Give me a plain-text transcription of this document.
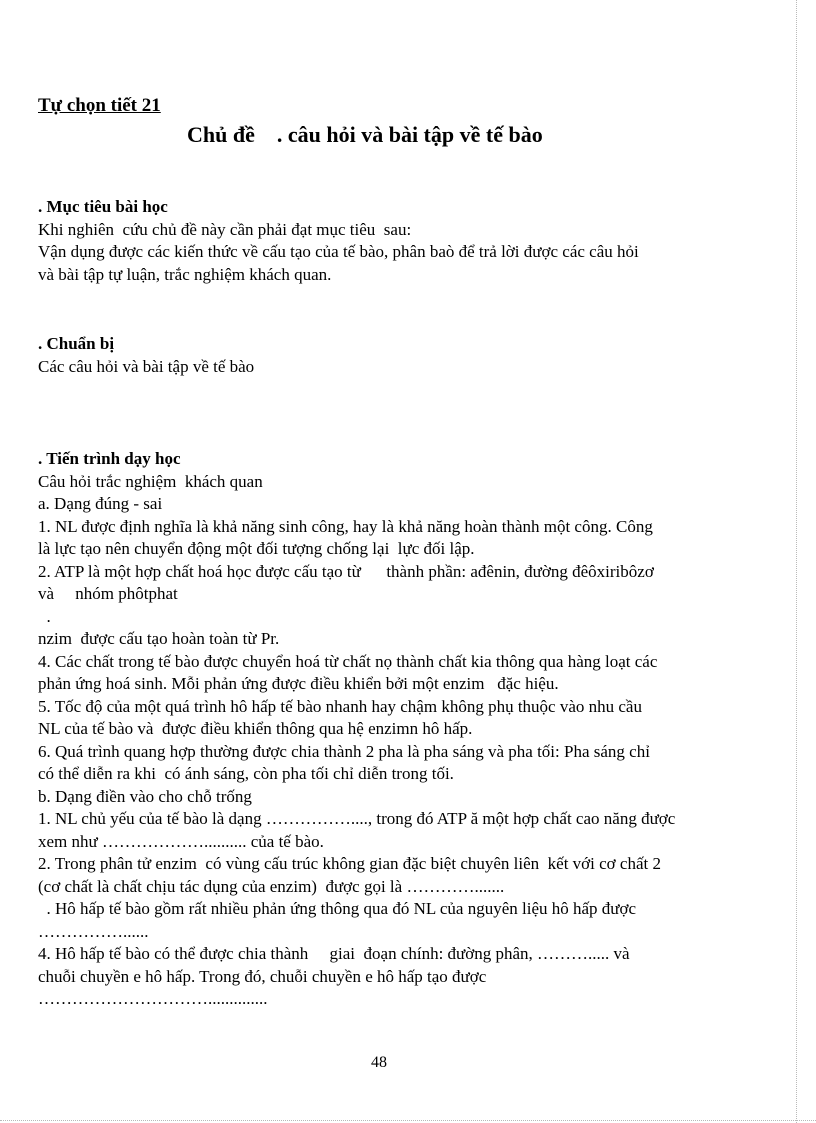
Tự chọn tiết 21
Chủ đề    . câu hỏi và bài tập về tế bào
. Mục tiêu bài học
Khi nghiên  cứu chủ đề này cần phải đạt mục tiêu  sau:
Vận dụng được các kiến thức về cấu tạo của tế bào, phân baò để trả lời được các câu hỏi
và bài tập tự luận, trắc nghiệm khách quan.
. Chuẩn bị
Các câu hỏi và bài tập về tế bào
. Tiến trình dạy học
Câu hỏi trắc nghiệm  khách quan
a. Dạng đúng - sai
1. NL được định nghĩa là khả năng sinh công, hay là khả năng hoàn thành một công. Công
là lực tạo nên chuyển động một đối tượng chống lại  lực đối lập.
2. ATP là một hợp chất hoá học được cấu tạo từ      thành phần: ađênin, đường đêôxiribôzơ
và     nhóm phôtphat
.
nzim  được cấu tạo hoàn toàn từ Pr.
4. Các chất trong tế bào được chuyển hoá từ chất nọ thành chất kia thông qua hàng loạt các
phản ứng hoá sinh. Mỗi phản ứng được điều khiển bởi một enzim   đặc hiệu.
5. Tốc độ của một quá trình hô hấp tế bào nhanh hay chậm không phụ thuộc vào nhu cầu
NL của tế bào và  được điều khiển thông qua hệ enzimn hô hấp.
6. Quá trình quang hợp thường được chia thành 2 pha là pha sáng và pha tối: Pha sáng chỉ
có thể diễn ra khi  có ánh sáng, còn pha tối chỉ diễn trong tối.
b. Dạng điền vào cho chỗ trống
1. NL chủ yếu của tế bào là dạng ……………...., trong đó ATP ă một hợp chất cao năng được
xem như ……………….......... của tế bào.
2. Trong phân tử enzim  có vùng cấu trúc không gian đặc biệt chuyên liên  kết với cơ chất 2
(cơ chất là chất chịu tác dụng của enzim)  được gọi là ………….......
. Hô hấp tế bào gồm rất nhiều phản ứng thông qua đó NL của nguyên liệu hô hấp được
……………......
4. Hô hấp tế bào có thể được chia thành     giai  đoạn chính: đường phân, ………..... và
chuỗi chuyền e hô hấp. Trong đó, chuỗi chuyền e hô hấp tạo được
…………………………..............
48
